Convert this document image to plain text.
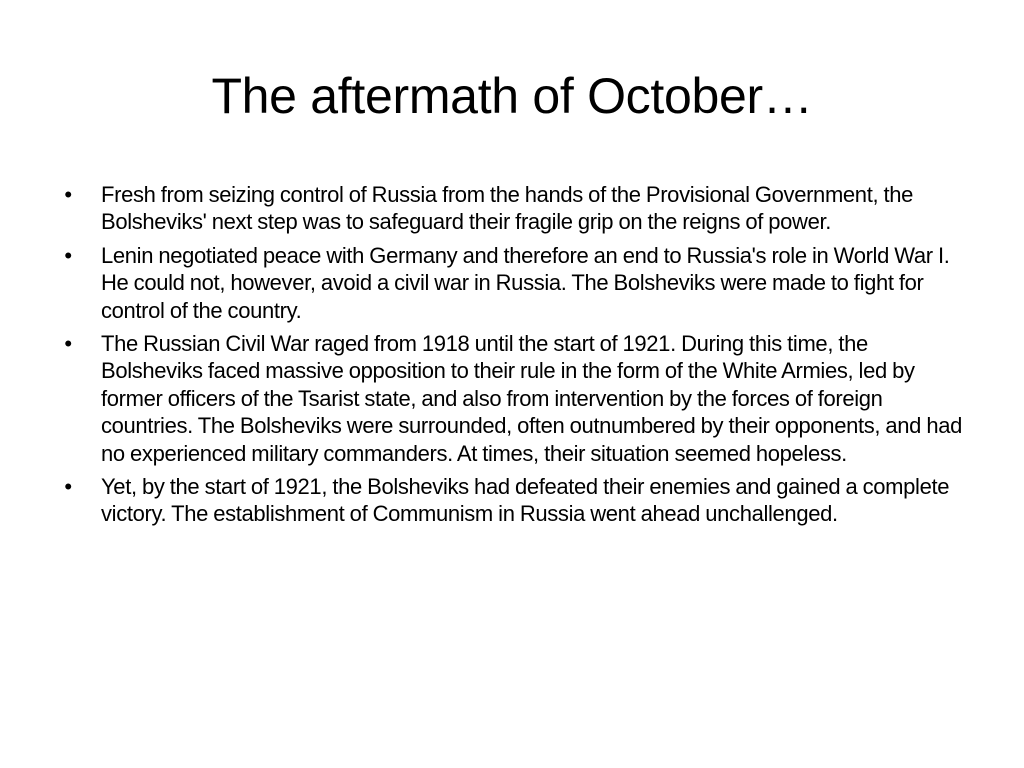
The aftermath of October…
• Fresh from seizing control of Russia from the hands of the Provisional Government, the Bolsheviks' next step was to safeguard their fragile grip on the reigns of power.
• Lenin negotiated peace with Germany and therefore an end to Russia's role in World War I. He could not, however, avoid a civil war in Russia. The Bolsheviks were made to fight for control of the country.
• The Russian Civil War raged from 1918 until the start of 1921. During this time, the Bolsheviks faced massive opposition to their rule in the form of the White Armies, led by former officers of the Tsarist state, and also from intervention by the forces of foreign countries. The Bolsheviks were surrounded, often outnumbered by their opponents, and had no experienced military commanders. At times, their situation seemed hopeless.
• Yet, by the start of 1921, the Bolsheviks had defeated their enemies and gained a complete victory. The establishment of Communism in Russia went ahead unchallenged.
